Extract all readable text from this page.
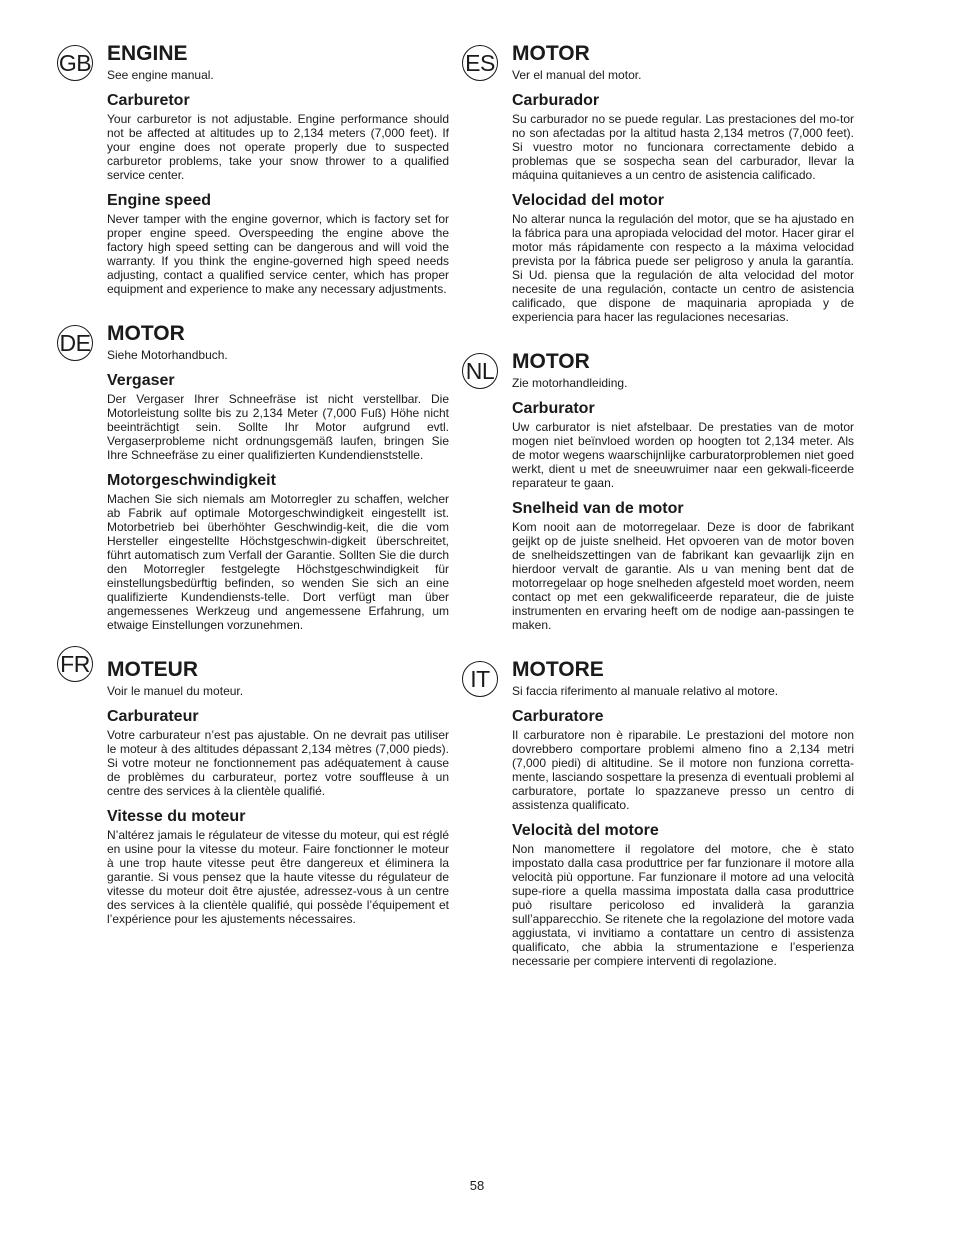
GB ENGINE

See engine manual.

Carburetor

Your carburetor is not adjustable. Engine performance should not be affected at altitudes up to 2,134 meters (7,000 feet). If your engine does not operate properly due to suspected carburetor problems, take your snow thrower to a qualified service center.

Engine speed

Never tamper with the engine governor, which is factory set for proper engine speed. Overspeeding the engine above the factory high speed setting can be dangerous and will void the warranty. If you think the engine-governed high speed needs adjusting, contact a qualified service center, which has proper equipment and experience to make any necessary adjustments.

DE MOTOR

Siehe Motorhandbuch.

Vergaser

Der Vergaser Ihrer Schneefräse ist nicht verstellbar. Die Motorleistung sollte bis zu 2,134 Meter (7,000 Fuß) Höhe nicht beeinträchtigt sein. Sollte Ihr Motor aufgrund evtl. Vergaserprobleme nicht ordnungsgemäß laufen, bringen Sie Ihre Schneefräse zu einer qualifizierten Kundendienststelle.

Motorgeschwindigkeit

Machen Sie sich niemals am Motorregler zu schaffen, welcher ab Fabrik auf optimale Motorgeschwindigkeit eingestellt ist. Motorbetrieb bei überhöhter Geschwindig-keit, die die vom Hersteller eingestellte Höchstgeschwin-digkeit überschreitet, führt automatisch zum Verfall der Garantie. Sollten Sie die durch den Motorregler festgelegte Höchstgeschwindigkeit für einstellungsbedürftig befinden, so wenden Sie sich an eine qualifizierte Kundendiensts-telle. Dort verfügt man über angemessenes Werkzeug und angemessene Erfahrung, um etwaige Einstellungen vorzunehmen.

FR MOTEUR

Voir le manuel du moteur.

Carburateur

Votre carburateur n’est pas ajustable. On ne devrait pas utiliser le moteur à des altitudes dépassant 2,134 mètres (7,000 pieds). Si votre moteur ne fonctionnement pas adéquatement à cause de problèmes du carburateur, portez votre souffleuse à un centre des services à la clientèle qualifié.

Vitesse du moteur

N’altérez jamais le régulateur de vitesse du moteur, qui est réglé en usine pour la vitesse du moteur. Faire fonctionner le moteur à une trop haute vitesse peut être dangereux et éliminera la garantie. Si vous pensez que la haute vitesse du régulateur de vitesse du moteur doit être ajustée, adressez-vous à un centre des services à la clientèle qualifié, qui possède l’équipement et l’expérience pour les ajustements nécessaires.

ES MOTOR

Ver el manual del motor.

Carburador

Su carburador no se puede regular. Las prestaciones del mo-tor no son afectadas por la altitud hasta 2,134 metros (7,000 feet). Si vuestro motor no funcionara correctamente debido a problemas que se sospecha sean del carburador, llevar la máquina quitanieves a un centro de asistencia calificado.

Velocidad del motor

No alterar nunca la regulación del motor, que se ha ajustado en la fábrica para una apropiada velocidad del motor. Hacer girar el motor más rápidamente con respecto a la máxima velocidad prevista por la fábrica puede ser peligroso y anula la garantía. Si Ud. piensa que la regulación de alta velocidad del motor necesite de una regulación, contacte un centro de asistencia calificado, que dispone de maquinaria apropiada y de experiencia para hacer las regulaciones necesarias.

NL MOTOR

Zie motorhandleiding.

Carburator

Uw carburator is niet afstelbaar. De prestaties van de motor mogen niet beïnvloed worden op hoogten tot 2,134 meter. Als de motor wegens waarschijnlijke carburatorproblemen niet goed werkt, dient u met de sneeuwruimer naar een gekwali-ficeerde reparateur te gaan.

Snelheid van de motor

Kom nooit aan de motorregelaar. Deze is door de fabrikant geijkt op de juiste snelheid. Het opvoeren van de motor boven de snelheidszettingen van de fabrikant kan gevaarlijk zijn en hierdoor vervalt de garantie. Als u van mening bent dat de motorregelaar op hoge snelheden afgesteld moet worden, neem contact op met een gekwalificeerde reparateur, die de juiste instrumenten en ervaring heeft om de nodige aan-passingen te maken.

IT	MOTORE

Si faccia riferimento al manuale relativo al motore.

Carburatore

Il carburatore non è riparabile. Le prestazioni del motore non dovrebbero comportare problemi almeno fino a 2,134 metri (7,000 piedi) di altitudine. Se il motore non funziona corretta-mente, lasciando sospettare la presenza di eventuali problemi al carburatore, portate lo spazzaneve presso un centro di assistenza qualificato.

Velocità del motore

Non manomettere il regolatore del motore, che è stato impostato dalla casa produttrice per far funzionare il motore alla velocità più opportune. Far funzionare il motore ad una velocità supe-riore a quella massima impostata dalla casa produttrice può risultare pericoloso ed invaliderà la garanzia sull’apparecchio. Se ritenete che la regolazione del motore vada aggiustata, vi invitiamo a contattare un centro di assistenza qualificato, che abbia la strumentazione e l’esperienza necessarie per compiere interventi di regolazione.

58
